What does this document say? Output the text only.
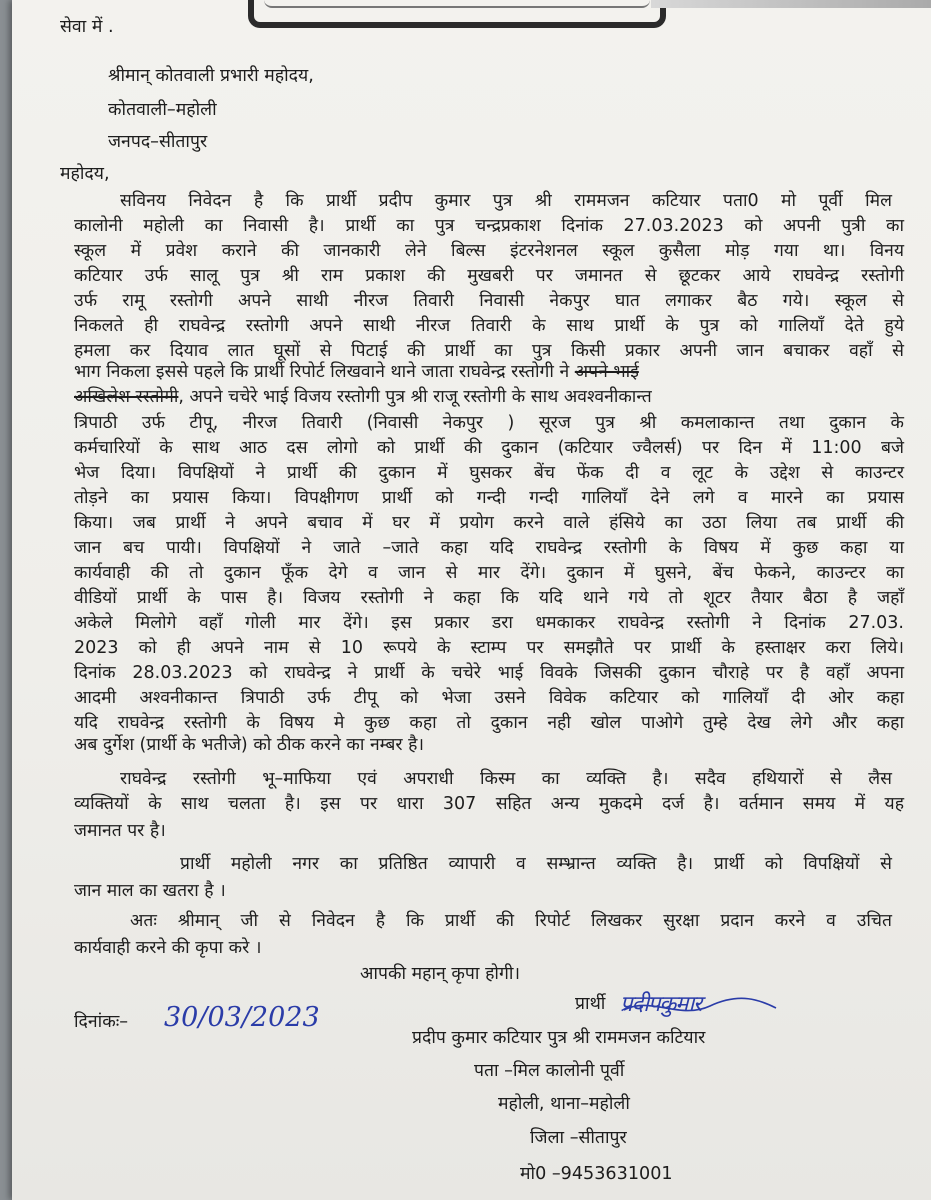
सेवा में .
श्रीमान् कोतवाली प्रभारी महोदय,
कोतवाली–महोली
जनपद–सीतापुर
महोदय,
सविनय निवेदन है कि प्रार्थी प्रदीप कुमार पुत्र श्री राममजन कटियार पता0 मो पूर्वी मिल
कालोनी महोली का निवासी है। प्रार्थी का पुत्र चन्द्रप्रकाश दिनांक 27.03.2023 को अपनी पुत्री का
स्कूल में प्रवेश कराने की जानकारी लेने बिल्स इंटरनेशनल स्कूल कुसैला मोड़ गया था। विनय
कटियार उर्फ सालू पुत्र श्री राम प्रकाश की मुखबरी पर जमानत से छूटकर आये राघवेन्द्र रस्तोगी
उर्फ रामू रस्तोगी अपने साथी नीरज तिवारी निवासी नेकपुर घात लगाकर बैठ गये। स्कूल से
निकलते ही राघवेन्द्र रस्तोगी अपने साथी नीरज तिवारी के साथ प्रार्थी के पुत्र को गालियाँ देते हुये
हमला कर दियाव लात घूसों से पिटाई की प्रार्थी का पुत्र किसी प्रकार अपनी जान बचाकर वहाँ से
भाग निकला इससे पहले कि प्रार्थी रिपोर्ट लिखवाने थाने जाता राघवेन्द्र रस्तोगी ने अपने भाई
अखिलेश रस्तोगी, अपने चचेरे भाई विजय रस्तोगी पुत्र श्री राजू रस्तोगी के साथ अवश्वनीकान्त
त्रिपाठी उर्फ टीपू, नीरज तिवारी (निवासी नेकपुर ) सूरज पुत्र श्री कमलाकान्त तथा दुकान के
कर्मचारियों के साथ आठ दस लोगो को प्रार्थी की दुकान (कटियार ज्वैलर्स) पर दिन में 11:00 बजे
भेज दिया। विपक्षियों ने प्रार्थी की दुकान में घुसकर बेंच फेंक दी व लूट के उद्देश से काउन्टर
तोड़ने का प्रयास किया। विपक्षीगण प्रार्थी को गन्दी गन्दी गालियाँ देने लगे व मारने का प्रयास
किया। जब प्रार्थी ने अपने बचाव में घर में प्रयोग करने वाले हंसिये का उठा लिया तब प्रार्थी की
जान बच पायी। विपक्षियों ने जाते –जाते कहा यदि राघवेन्द्र रस्तोगी के विषय में कुछ कहा या
कार्यवाही की तो दुकान फूँक देगे व जान से मार देंगे। दुकान में घुसने, बेंच फेकने, काउन्टर का
वीडियों प्रार्थी के पास है। विजय रस्तोगी ने कहा कि यदि थाने गये तो शूटर तैयार बैठा है जहाँ
अकेले मिलोगे वहाँ गोली मार देंगे। इस प्रकार डरा धमकाकर राघवेन्द्र रस्तोगी ने दिनांक 27.03.
2023 को ही अपने नाम से 10 रूपये के स्टाम्प पर समझौते पर प्रार्थी के हस्ताक्षर करा लिये।
दिनांक 28.03.2023 को राघवेन्द्र ने प्रार्थी के चचेरे भाई विवके जिसकी दुकान चौराहे पर है वहाँ अपना
आदमी अश्वनीकान्त त्रिपाठी उर्फ टीपू को भेजा उसने विवेक कटियार को गालियाँ दी ओर कहा
यदि राघवेन्द्र रस्तोगी के विषय मे कुछ कहा तो दुकान नही खोल पाओगे तुम्हे देख लेगे और कहा
अब दुर्गेश (प्रार्थी के भतीजे) को ठीक करने का नम्बर है।
राघवेन्द्र रस्तोगी भू–माफिया एवं अपराधी किस्म का व्यक्ति है। सदैव हथियारों से लैस
व्यक्तियों के साथ चलता है। इस पर धारा 307 सहित अन्य मुकदमे दर्ज है। वर्तमान समय में यह
जमानत पर है।
प्रार्थी महोली नगर का प्रतिष्ठित व्यापारी व सम्भ्रान्त व्यक्ति है। प्रार्थी को विपक्षियों से
जान माल का खतरा है ।
अतः श्रीमान् जी से निवेदन है कि प्रार्थी की रिपोर्ट लिखकर सुरक्षा प्रदान करने व उचित
कार्यवाही करने की कृपा करे ।
आपकी महान् कृपा होगी।
प्रार्थी प्रदीपकुमार
दिनांकः– 30/03/2023
प्रदीप कुमार कटियार पुत्र श्री राममजन कटियार
पता –मिल कालोनी पूर्वी
महोली, थाना–महोली
जिला –सीतापुर
मो0 –9453631001
